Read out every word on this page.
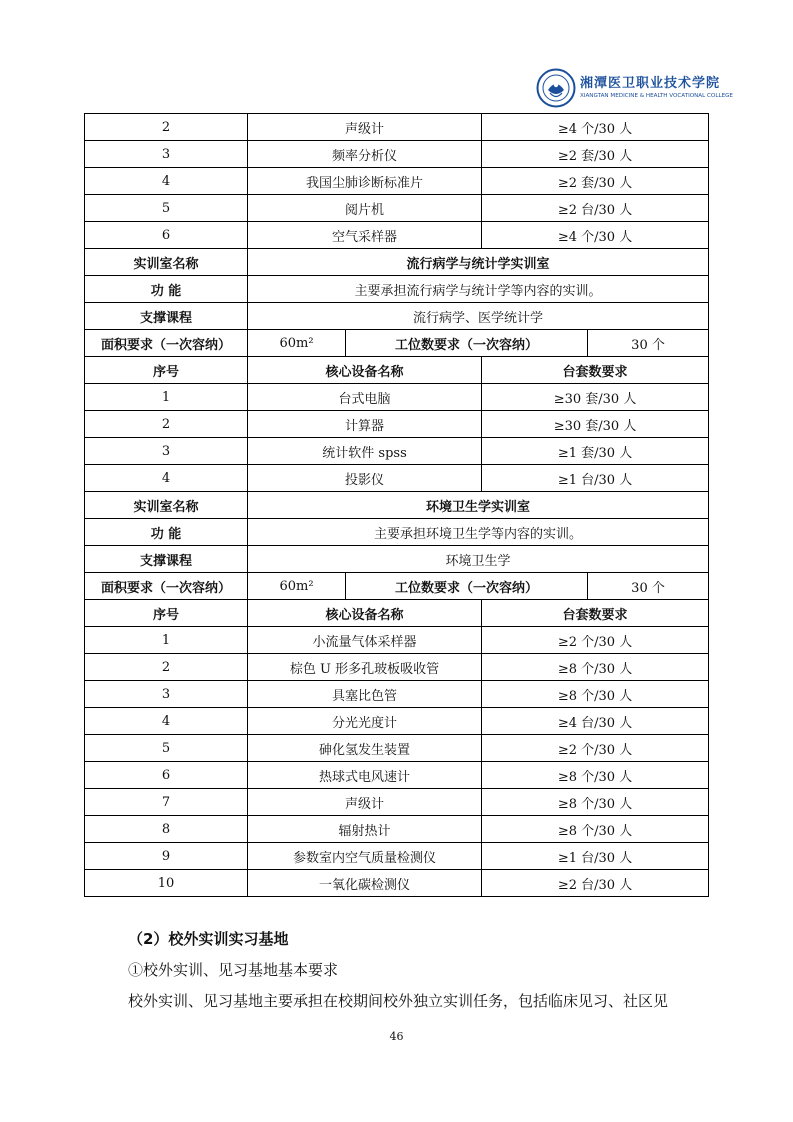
湘潭医卫职业技术学院
XIANGTAN MEDICINE & HEALTH VOCATIONAL COLLEGE
2	声级计		≥4 个/30 人	
3	频率分析仪		≥2 套/30 人	
4	我国尘肺诊断标准片		≥2 套/30 人	
5	阅片机		≥2 台/30 人	
6	空气采样器		≥4 个/30 人	
实训室名称	流行病学与统计学实训室			
功 能	主要承担流行病学与统计学等内容的实训。			
支撑课程	流行病学、医学统计学			
面积要求（一次容纳）	60m²	工位数要求（一次容纳）		30 个
序号	核心设备名称		台套数要求	
1	台式电脑		≥30 套/30 人	
2	计算器		≥30 套/30 人	
3	统计软件 spss		≥1 套/30 人	
4	投影仪		≥1 台/30 人	
实训室名称	环境卫生学实训室			
功 能	主要承担环境卫生学等内容的实训。			
支撑课程	环境卫生学			
面积要求（一次容纳）	60m²	工位数要求（一次容纳）		30 个
序号	核心设备名称		台套数要求	
1	小流量气体采样器		≥2 个/30 人	
2	棕色 U 形多孔玻板吸收管		≥8 个/30 人	
3	具塞比色管		≥8 个/30 人	
4	分光光度计		≥4 台/30 人	
5	砷化氢发生装置		≥2 个/30 人	
6	热球式电风速计		≥8 个/30 人	
7	声级计		≥8 个/30 人	
8	辐射热计		≥8 个/30 人	
9	参数室内空气质量检测仪		≥1 台/30 人	
10	一氧化碳检测仪		≥2 台/30 人	
（2）校外实训实习基地
①校外实训、见习基地基本要求
校外实训、见习基地主要承担在校期间校外独立实训任务，包括临床见习、社区见
46
